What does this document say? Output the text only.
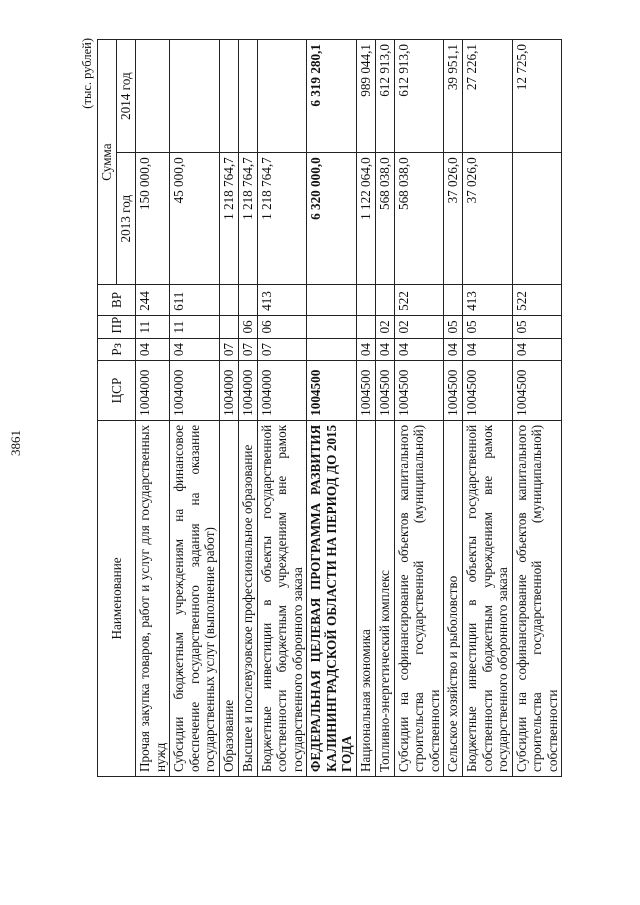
3861
(тыс. рублей)
Наименование	ЦСР	Рз	ПР	ВР	Сумма	
					2013 год	2014 год
Прочая закупка товаров, работ и услуг для государственных нужд	1004000	04	11	244	150 000,0	
Субсидии бюджетным учреждениям на финансовое обеспечение государственного задания на оказание государственных услуг (выполнение работ)	1004000	04	11	611	45 000,0	
Образование	1004000	07			1 218 764,7	
Высшее и послевузовское профессиональное образование	1004000	07	06		1 218 764,7	
Бюджетные инвестиции в объекты государственной собственности бюджетным учреждениям вне рамок государственного оборонного заказа	1004000	07	06	413	1 218 764,7	
ФЕДЕРАЛЬНАЯ ЦЕЛЕВАЯ ПРОГРАММА РАЗВИТИЯ КАЛИНИНГРАДСКОЙ ОБЛАСТИ НА ПЕРИОД ДО 2015 ГОДА	1004500				6 320 000,0	6 319 280,1
Национальная экономика	1004500	04			1 122 064,0	989 044,1
Топливно-энергетический комплекс	1004500	04	02		568 038,0	612 913,0
Субсидии на софинансирование объектов капитального строительства государственной (муниципальной) собственности	1004500	04	02	522	568 038,0	612 913,0
Сельское хозяйство и рыболовство	1004500	04	05		37 026,0	39 951,1
Бюджетные инвестиции в объекты государственной собственности бюджетным учреждениям вне рамок государственного оборонного заказа	1004500	04	05	413	37 026,0	27 226,1
Субсидии на софинансирование объектов капитального строительства государственной (муниципальной) собственности	1004500	04	05	522		12 725,0
